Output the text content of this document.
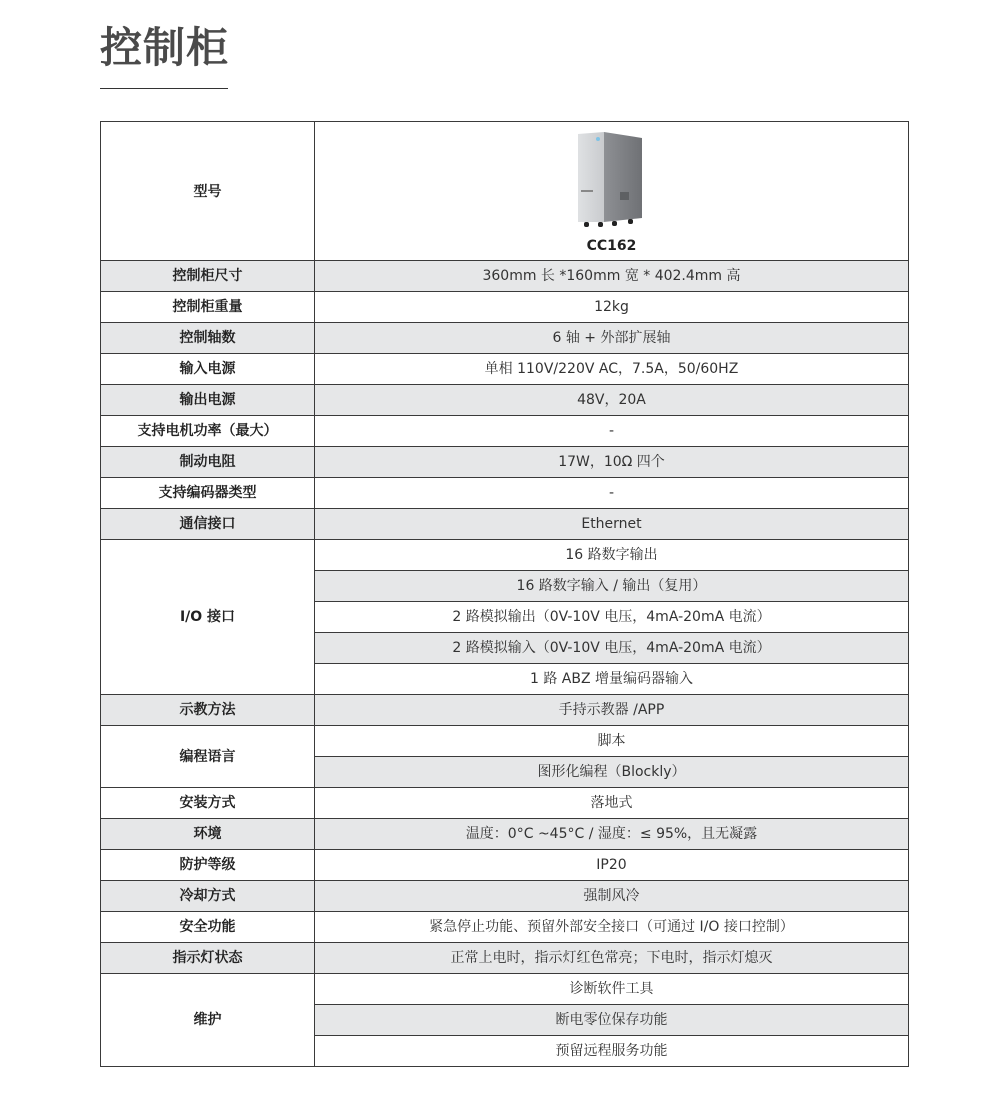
控制柜
型号	CC162

控制柜尺寸	360mm 长 *160mm 宽 * 402.4mm 高
控制柜重量	12kg
控制轴数	6 轴 + 外部扩展轴
输入电源	单相 110V/220V AC，7.5A，50/60HZ
输出电源	48V，20A
支持电机功率（最大）	-
制动电阻	17W，10Ω 四个
支持编码器类型	-
通信接口	Ethernet
I/O 接口	16 路数字输出
	16 路数字输入 / 输出（复用）
	2 路模拟输出（0V-10V 电压，4mA-20mA 电流）
	2 路模拟输入（0V-10V 电压，4mA-20mA 电流）
	1 路 ABZ 增量编码器输入
示教方法	手持示教器 /APP
编程语言	脚本
	图形化编程（Blockly）
安装方式	落地式
环境	温度：0°C ~45°C / 湿度：≤ 95%，且无凝露
防护等级	IP20
冷却方式	强制风冷
安全功能	紧急停止功能、预留外部安全接口（可通过 I/O 接口控制）
指示灯状态	正常上电时，指示灯红色常亮；下电时，指示灯熄灭
维护	诊断软件工具
	断电零位保存功能
	预留远程服务功能
